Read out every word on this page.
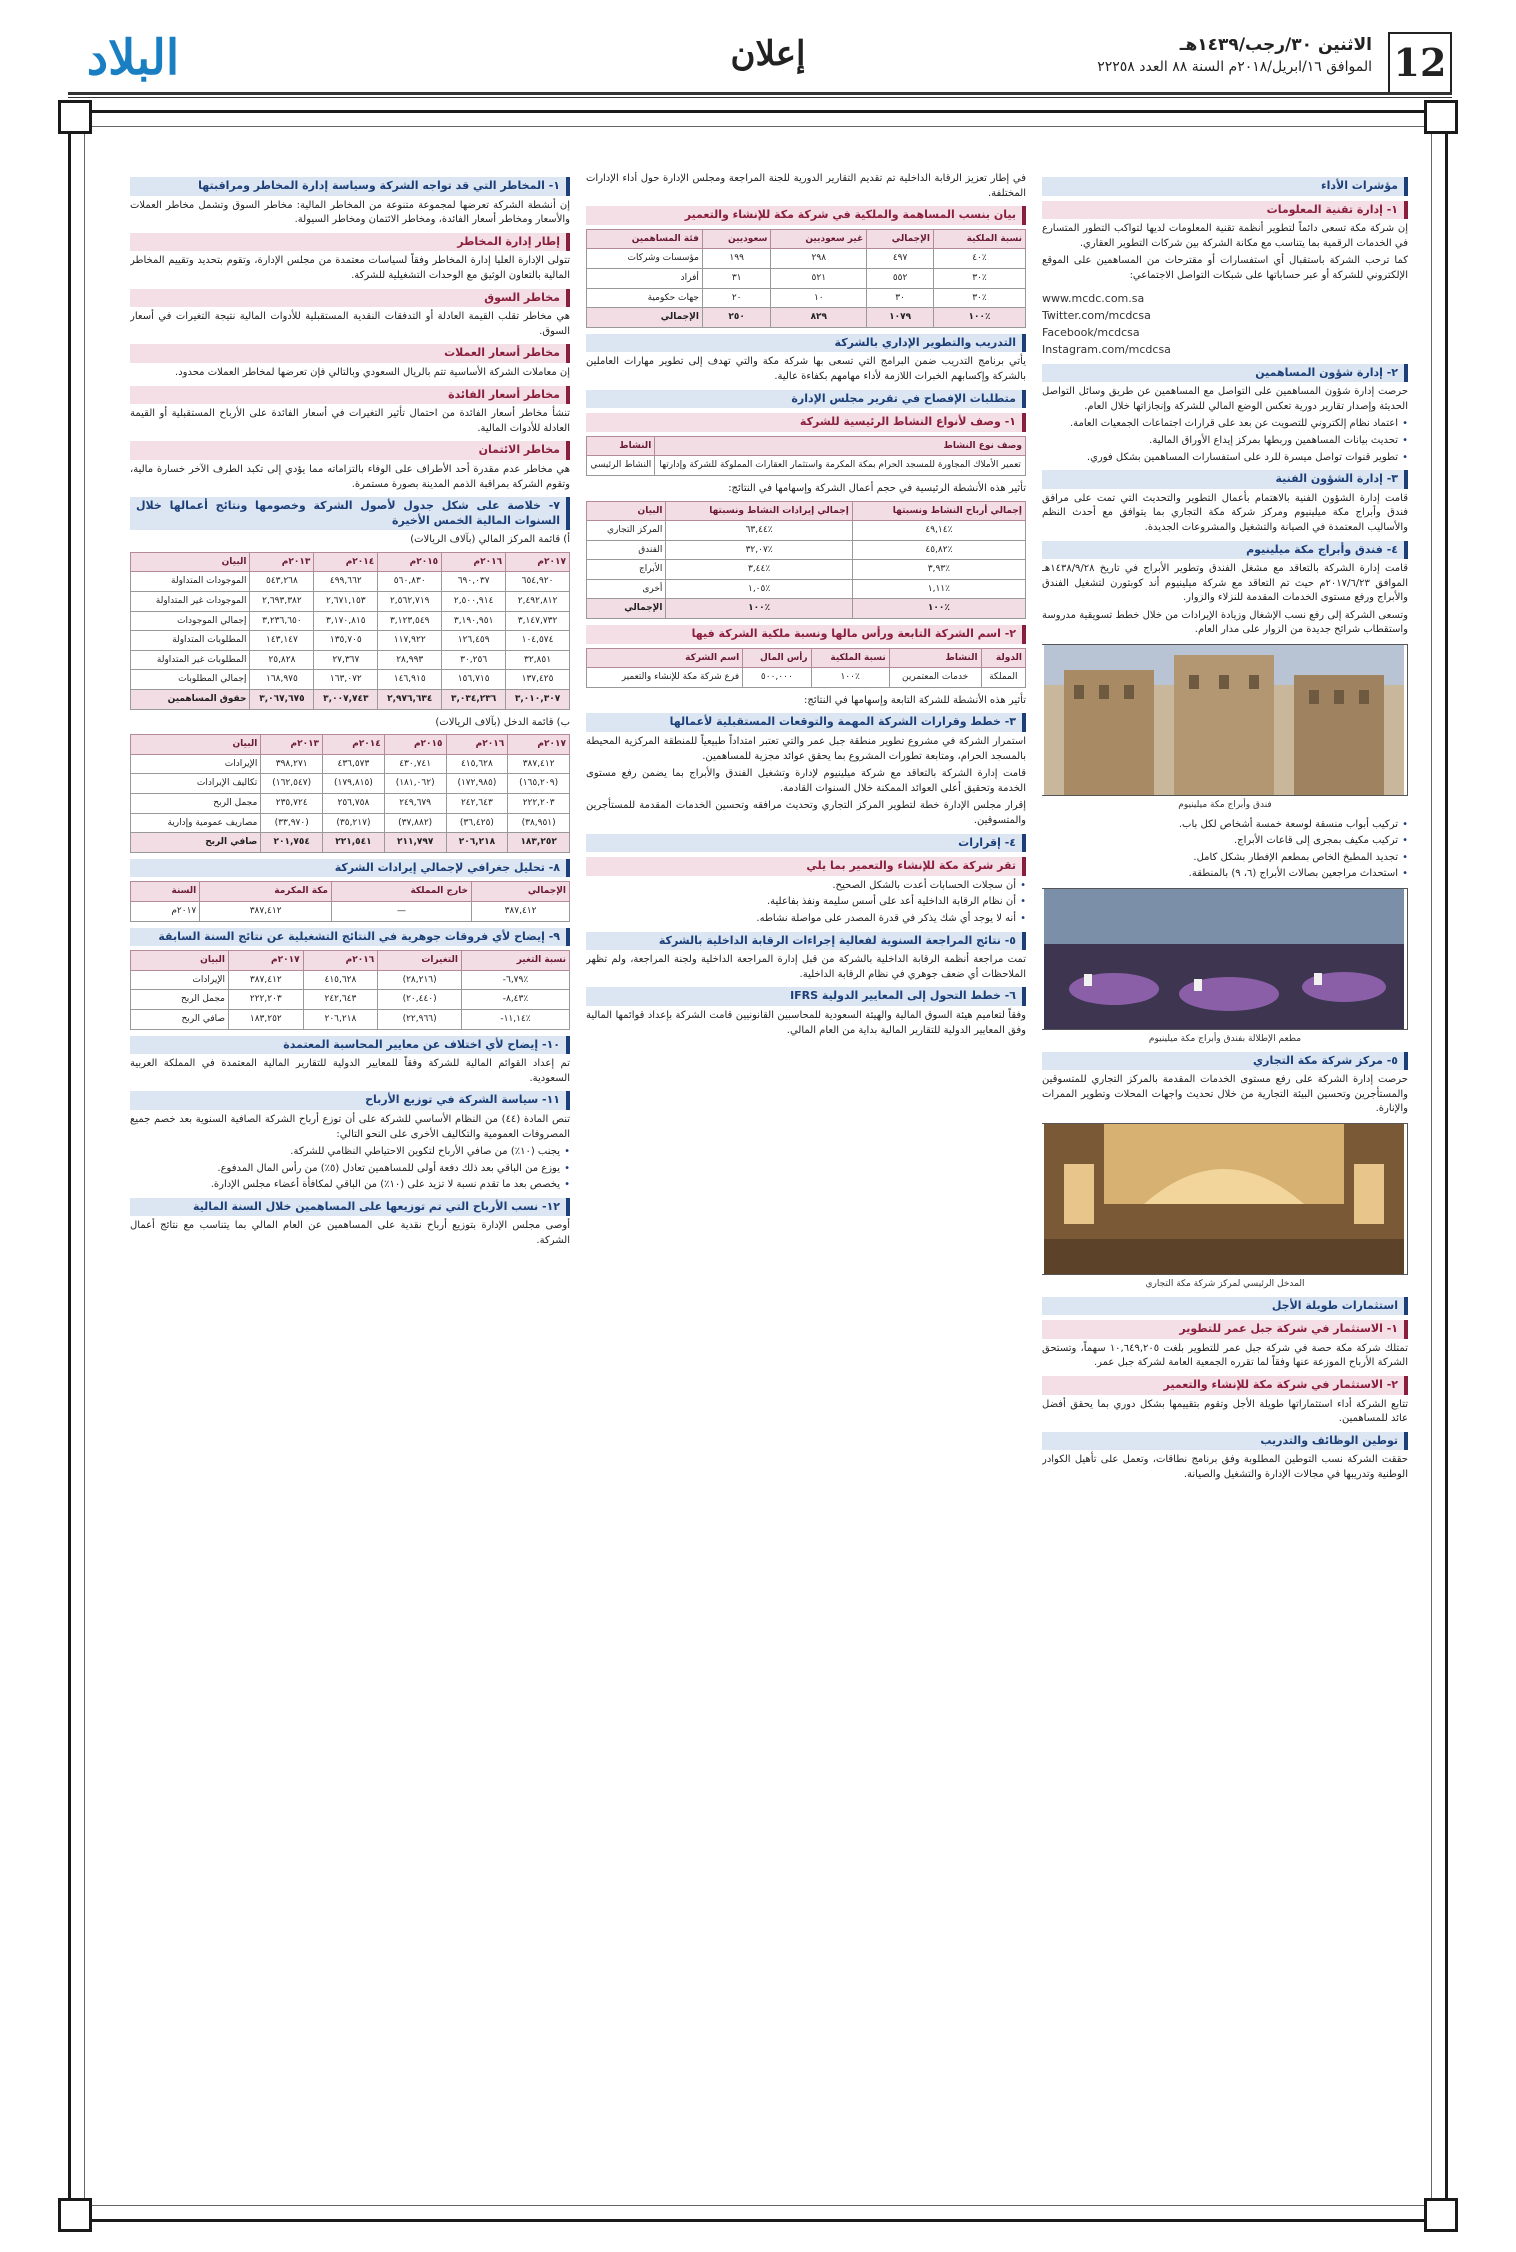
البلاد	إعلان	12
الاثنين ٣٠/رجب/١٤٣٩هـ
الموافق ١٦/ابريل/٢٠١٨م السنة ٨٨ العدد ٢٢٢٥٨
مؤشرات الأداء
١- إدارة تقنية المعلومات

إن شركة مكة تسعى دائماً لتطوير أنظمة تقنية المعلومات لديها لتواكب التطور المتسارع في الخدمات الرقمية بما يتناسب مع مكانة الشركة بين شركات التطوير العقاري.

كما ترحب الشركة باستقبال أي استفسارات أو مقترحات من المساهمين على الموقع الإلكتروني للشركة أو عبر حساباتها على شبكات التواصل الاجتماعي:

www.mcdc.com.sa
Twitter.com/mcdcsa
Facebook/mcdcsa
Instagram.com/mcdcsa
٢- إدارة شؤون المساهمين

حرصت إدارة شؤون المساهمين على التواصل مع المساهمين عن طريق وسائل التواصل الحديثة وإصدار تقارير دورية تعكس الوضع المالي للشركة وإنجازاتها خلال العام.

• اعتماد نظام إلكتروني للتصويت عن بعد على قرارات اجتماعات الجمعيات العامة.

• تحديث بيانات المساهمين وربطها بمركز إيداع الأوراق المالية.

• تطوير قنوات تواصل ميسرة للرد على استفسارات المساهمين بشكل فوري.

٣- إدارة الشؤون الفنية

قامت إدارة الشؤون الفنية بالاهتمام بأعمال التطوير والتحديث التي تمت على مرافق فندق وأبراج مكة ميلينيوم ومركز شركة مكة التجاري بما يتوافق مع أحدث النظم والأساليب المعتمدة في الصيانة والتشغيل والمشروعات الجديدة.

٤- فندق وأبراج مكة ميلينيوم

قامت إدارة الشركة بالتعاقد مع مشغل الفندق وتطوير الأبراج في تاريخ ١٤٣٨/٩/٢٨هـ الموافق ٢٠١٧/٦/٢٣م حيث تم التعاقد مع شركة ميلينيوم أند كوبثورن لتشغيل الفندق والأبراج ورفع مستوى الخدمات المقدمة للنزلاء والزوار.

وتسعى الشركة إلى رفع نسب الإشغال وزيادة الإيرادات من خلال خطط تسويقية مدروسة واستقطاب شرائح جديدة من الزوار على مدار العام.

فندق وأبراج مكة ميلينيوم

• تركيب أبواب منسقة لوسعة خمسة أشخاص لكل باب.

• تركيب مكيف بمجرى إلى قاعات الأبراج.

• تجديد المطبخ الخاص بمطعم الإفطار بشكل كامل.

• استحداث مراجعين بصالات الأبراج (٦، ٩) بالمنطقة.

مطعم الإطلالة بفندق وأبراج مكة ميلينيوم
٥- مركز شركة مكة التجاري

حرصت إدارة الشركة على رفع مستوى الخدمات المقدمة بالمركز التجاري للمتسوقين والمستأجرين وتحسين البيئة التجارية من خلال تحديث واجهات المحلات وتطوير الممرات والإنارة.

المدخل الرئيسي لمركز شركة مكة التجاري
استثمارات طويلة الأجل
١- الاستثمار في شركة جبل عمر للتطوير

تمتلك شركة مكة حصة في شركة جبل عمر للتطوير بلغت ١٠,٦٤٩,٢٠٥ سهماً، وتستحق الشركة الأرباح الموزعة عنها وفقاً لما تقرره الجمعية العامة لشركة جبل عمر.

٢- الاستثمار في شركة مكة للإنشاء والتعمير

تتابع الشركة أداء استثماراتها طويلة الأجل وتقوم بتقييمها بشكل دوري بما يحقق أفضل عائد للمساهمين.

توطين الوظائف والتدريب

حققت الشركة نسب التوطين المطلوبة وفق برنامج نطاقات، وتعمل على تأهيل الكوادر الوطنية وتدريبها في مجالات الإدارة والتشغيل والصيانة.

في إطار تعزيز الرقابة الداخلية تم تقديم التقارير الدورية للجنة المراجعة ومجلس الإدارة حول أداء الإدارات المختلفة.

بيان بنسب المساهمة والملكية في شركة مكة للإنشاء والتعمير
نسبة الملكية	الإجمالي	غير سعوديين	سعوديين	فئة المساهمين
٪٤٠	٤٩٧	٢٩٨	١٩٩	مؤسسات وشركات
٪٣٠	٥٥٢	٥٢١	٣١	أفراد
٪٣٠	٣٠	١٠	٢٠	جهات حكومية
٪١٠٠	١٠٧٩	٨٢٩	٢٥٠	الإجمالي
التدريب والتطوير الإداري بالشركة

يأتي برنامج التدريب ضمن البرامج التي تسعى بها شركة مكة والتي تهدف إلى تطوير مهارات العاملين بالشركة وإكسابهم الخبرات اللازمة لأداء مهامهم بكفاءة عالية.

متطلبات الإفصاح في تقرير مجلس الإدارة
١- وصف لأنواع النشاط الرئيسية للشركة
وصف نوع النشاط	النشاط
تعمير الأملاك المجاورة للمسجد الحرام بمكة المكرمة واستثمار العقارات المملوكة للشركة وإدارتها	النشاط الرئيسي

تأثير هذه الأنشطة الرئيسية في حجم أعمال الشركة وإسهامها في النتائج:

إجمالي أرباح النشاط ونسبتها	إجمالي إيرادات النشاط ونسبتها	البيان
٪٤٩,١٤	٪٦٣,٤٤	المركز التجاري
٪٤٥,٨٢	٪٣٢,٠٧	الفندق
٪٣,٩٣	٪٣,٤٤	الأبراج
٪١,١١	٪١,٠٥	أخرى
٪١٠٠	٪١٠٠	الإجمالي
٢- اسم الشركة التابعة ورأس مالها ونسبة ملكية الشركة فيها
الدولة	النشاط	نسبة الملكية	رأس المال	اسم الشركة
المملكة	خدمات المعتمرين	٪١٠٠	٥٠٠,٠٠٠	فرع شركة مكة للإنشاء والتعمير

تأثير هذه الأنشطة للشركة التابعة وإسهامها في النتائج:

٣- خطط وقرارات الشركة المهمة والتوقعات المستقبلية لأعمالها

استمرار الشركة في مشروع تطوير منطقة جبل عمر والتي تعتبر امتداداً طبيعياً للمنطقة المركزية المحيطة بالمسجد الحرام، ومتابعة تطورات المشروع بما يحقق عوائد مجزية للمساهمين.

قامت إدارة الشركة بالتعاقد مع شركة ميلينيوم لإدارة وتشغيل الفندق والأبراج بما يضمن رفع مستوى الخدمة وتحقيق أعلى العوائد الممكنة خلال السنوات القادمة.

إقرار مجلس الإدارة خطة لتطوير المركز التجاري وتحديث مرافقه وتحسين الخدمات المقدمة للمستأجرين والمتسوقين.

٤- إقرارات
تقر شركة مكة للإنشاء والتعمير بما يلي

• أن سجلات الحسابات أعدت بالشكل الصحيح.

• أن نظام الرقابة الداخلية أعد على أسس سليمة ونفذ بفاعلية.

• أنه لا يوجد أي شك يذكر في قدرة المصدر على مواصلة نشاطه.

٥- نتائج المراجعة السنوية لفعالية إجراءات الرقابة الداخلية بالشركة

تمت مراجعة أنظمة الرقابة الداخلية بالشركة من قبل إدارة المراجعة الداخلية ولجنة المراجعة، ولم تظهر الملاحظات أي ضعف جوهري في نظام الرقابة الداخلية.

٦- خطط التحول إلى المعايير الدولية IFRS

وفقاً لتعاميم هيئة السوق المالية والهيئة السعودية للمحاسبين القانونيين قامت الشركة بإعداد قوائمها المالية وفق المعايير الدولية للتقارير المالية بداية من العام المالي.

١- المخاطر التي قد تواجه الشركة وسياسة إدارة المخاطر ومراقبتها

إن أنشطة الشركة تعرضها لمجموعة متنوعة من المخاطر المالية: مخاطر السوق وتشمل مخاطر العملات والأسعار ومخاطر أسعار الفائدة، ومخاطر الائتمان ومخاطر السيولة.

إطار إدارة المخاطر

تتولى الإدارة العليا إدارة المخاطر وفقاً لسياسات معتمدة من مجلس الإدارة، وتقوم بتحديد وتقييم المخاطر المالية بالتعاون الوثيق مع الوحدات التشغيلية للشركة.

مخاطر السوق

هي مخاطر تقلب القيمة العادلة أو التدفقات النقدية المستقبلية للأدوات المالية نتيجة التغيرات في أسعار السوق.

مخاطر أسعار العملات

إن معاملات الشركة الأساسية تتم بالريال السعودي وبالتالي فإن تعرضها لمخاطر العملات محدود.

مخاطر أسعار الفائدة

تنشأ مخاطر أسعار الفائدة من احتمال تأثير التغيرات في أسعار الفائدة على الأرباح المستقبلية أو القيمة العادلة للأدوات المالية.

مخاطر الائتمان

هي مخاطر عدم مقدرة أحد الأطراف على الوفاء بالتزاماته مما يؤدي إلى تكبد الطرف الآخر خسارة مالية، وتقوم الشركة بمراقبة الذمم المدينة بصورة مستمرة.

٧- خلاصة على شكل جدول لأصول الشركة وخصومها ونتائج أعمالها خلال السنوات المالية الخمس الأخيرة

أ) قائمة المركز المالي (بآلاف الريالات)

٢٠١٧م	٢٠١٦م	٢٠١٥م	٢٠١٤م	٢٠١٣م	البيان
٦٥٤,٩٢٠	٦٩٠,٠٣٧	٥٦٠,٨٣٠	٤٩٩,٦٦٢	٥٤٣,٢٦٨	الموجودات المتداولة
٢,٤٩٢,٨١٢	٢,٥٠٠,٩١٤	٢,٥٦٢,٧١٩	٢,٦٧١,١٥٣	٢,٦٩٣,٣٨٢	الموجودات غير المتداولة
٣,١٤٧,٧٣٢	٣,١٩٠,٩٥١	٣,١٢٣,٥٤٩	٣,١٧٠,٨١٥	٣,٢٣٦,٦٥٠	إجمالي الموجودات
١٠٤,٥٧٤	١٢٦,٤٥٩	١١٧,٩٢٢	١٣٥,٧٠٥	١٤٣,١٤٧	المطلوبات المتداولة
٣٢,٨٥١	٣٠,٢٥٦	٢٨,٩٩٣	٢٧,٣٦٧	٢٥,٨٢٨	المطلوبات غير المتداولة
١٣٧,٤٢٥	١٥٦,٧١٥	١٤٦,٩١٥	١٦٣,٠٧٢	١٦٨,٩٧٥	إجمالي المطلوبات
٣,٠١٠,٣٠٧	٣,٠٣٤,٢٣٦	٢,٩٧٦,٦٣٤	٣,٠٠٧,٧٤٣	٣,٠٦٧,٦٧٥	حقوق المساهمين

ب) قائمة الدخل (بآلاف الريالات)

٢٠١٧م	٢٠١٦م	٢٠١٥م	٢٠١٤م	٢٠١٣م	البيان
٣٨٧,٤١٢	٤١٥,٦٢٨	٤٣٠,٧٤١	٤٣٦,٥٧٣	٣٩٨,٢٧١	الإيرادات
(١٦٥,٢٠٩)	(١٧٢,٩٨٥)	(١٨١,٠٦٢)	(١٧٩,٨١٥)	(١٦٢,٥٤٧)	تكاليف الإيرادات
٢٢٢,٢٠٣	٢٤٢,٦٤٣	٢٤٩,٦٧٩	٢٥٦,٧٥٨	٢٣٥,٧٢٤	مجمل الربح
(٣٨,٩٥١)	(٣٦,٤٢٥)	(٣٧,٨٨٢)	(٣٥,٢١٧)	(٣٣,٩٧٠)	مصاريف عمومية وإدارية
١٨٣,٢٥٢	٢٠٦,٢١٨	٢١١,٧٩٧	٢٢١,٥٤١	٢٠١,٧٥٤	صافي الربح
٨- تحليل جغرافي لإجمالي إيرادات الشركة
الإجمالي	خارج المملكة	مكة المكرمة	السنة
٣٨٧,٤١٢	—	٣٨٧,٤١٢	٢٠١٧م
٩- إيضاح لأي فروقات جوهرية في النتائج التشغيلية عن نتائج السنة السابقة
نسبة التغير	التغيرات	٢٠١٦م	٢٠١٧م	البيان
٪٦,٧٩-	(٢٨,٢١٦)	٤١٥,٦٢٨	٣٨٧,٤١٢	الإيرادات
٪٨,٤٣-	(٢٠,٤٤٠)	٢٤٢,٦٤٣	٢٢٢,٢٠٣	مجمل الربح
٪١١,١٤-	(٢٢,٩٦٦)	٢٠٦,٢١٨	١٨٣,٢٥٢	صافي الربح
١٠- إيضاح لأي اختلاف عن معايير المحاسبة المعتمدة

تم إعداد القوائم المالية للشركة وفقاً للمعايير الدولية للتقارير المالية المعتمدة في المملكة العربية السعودية.

١١- سياسة الشركة في توزيع الأرباح

تنص المادة (٤٤) من النظام الأساسي للشركة على أن توزع أرباح الشركة الصافية السنوية بعد خصم جميع المصروفات العمومية والتكاليف الأخرى على النحو التالي:

• يجنب (١٠٪) من صافي الأرباح لتكوين الاحتياطي النظامي للشركة.

• يوزع من الباقي بعد ذلك دفعة أولى للمساهمين تعادل (٥٪) من رأس المال المدفوع.

• يخصص بعد ما تقدم نسبة لا تزيد على (١٠٪) من الباقي لمكافأة أعضاء مجلس الإدارة.

١٢- نسب الأرباح التي تم توزيعها على المساهمين خلال السنة المالية

أوصى مجلس الإدارة بتوزيع أرباح نقدية على المساهمين عن العام المالي بما يتناسب مع نتائج أعمال الشركة.
